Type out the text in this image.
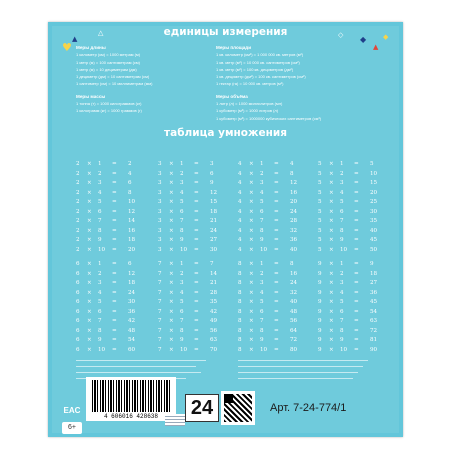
♥
▲	◆
▲
◆
△	◇
единицы измерения
Меры длины
1 километр (км) = 1000 метрам (м)
1 метр (м) = 100 сантиметрам (см)
1 метр (м) = 10 дециметрам (дм)
1 дециметр (дм) = 10 сантиметрам (см)
1 сантиметр (см) = 10 миллиметрам (мм)
Меры массы
1 тонна (т) = 1000 килограммов (кг)
1 килограмм (кг) = 1000 граммов (г)
Меры площади
1 кв. километр (км²) = 1 000 000 кв. метров (м²)
1 кв. метр (м²) = 10 000 кв. сантиметров (см²)
1 кв. метр (м²) = 100 кв. дециметров (дм²)
1 кв. дециметр (дм²) = 100 кв. сантиметров (см²)
1 гектар (га) = 10 000 кв. метров (м²)
Меры объёма
1 литр (л) = 1000 миллилитров (мл)
1 кубометр (м³) = 1000 литров (л)
1 кубометр (м³) = 1000000 кубических сантиметров (см³)
таблица умножения
2 × 1 = 2
2 × 2 = 4
2 × 3 = 6
2 × 4 = 8
2 × 5 = 10
2 × 6 = 12
2 × 7 = 14
2 × 8 = 16
2 × 9 = 18
2 × 10 = 20
3 × 1 = 3
3 × 2 = 6
3 × 3 = 9
3 × 4 = 12
3 × 5 = 15
3 × 6 = 18
3 × 7 = 21
3 × 8 = 24
3 × 9 = 27
3 × 10 = 30
4 × 1 = 4
4 × 2 = 8
4 × 3 = 12
4 × 4 = 16
4 × 5 = 20
4 × 6 = 24
4 × 7 = 28
4 × 8 = 32
4 × 9 = 36
4 × 10 = 40
5 × 1 = 5
5 × 2 = 10
5 × 3 = 15
5 × 4 = 20
5 × 5 = 25
5 × 6 = 30
5 × 7 = 35
5 × 8 = 40
5 × 9 = 45
5 × 10 = 50
6 × 1 = 6
6 × 2 = 12
6 × 3 = 18
6 × 4 = 24
6 × 5 = 30
6 × 6 = 36
6 × 7 = 42
6 × 8 = 48
6 × 9 = 54
6 × 10 = 60
7 × 1 = 7
7 × 2 = 14
7 × 3 = 21
7 × 4 = 28
7 × 5 = 35
7 × 6 = 42
7 × 7 = 49
7 × 8 = 56
7 × 9 = 63
7 × 10 = 70
8 × 1 = 8
8 × 2 = 16
8 × 3 = 24
8 × 4 = 32
8 × 5 = 40
8 × 6 = 48
8 × 7 = 56
8 × 8 = 64
8 × 9 = 72
8 × 10 = 80
9 × 1 = 9
9 × 2 = 18
9 × 3 = 27
9 × 4 = 36
9 × 5 = 45
9 × 6 = 54
9 × 7 = 63
9 × 8 = 72
9 × 9 = 81
9 × 10 = 90
EAC
6+
4 606016 428638	24	Арт. 7-24-774/1
